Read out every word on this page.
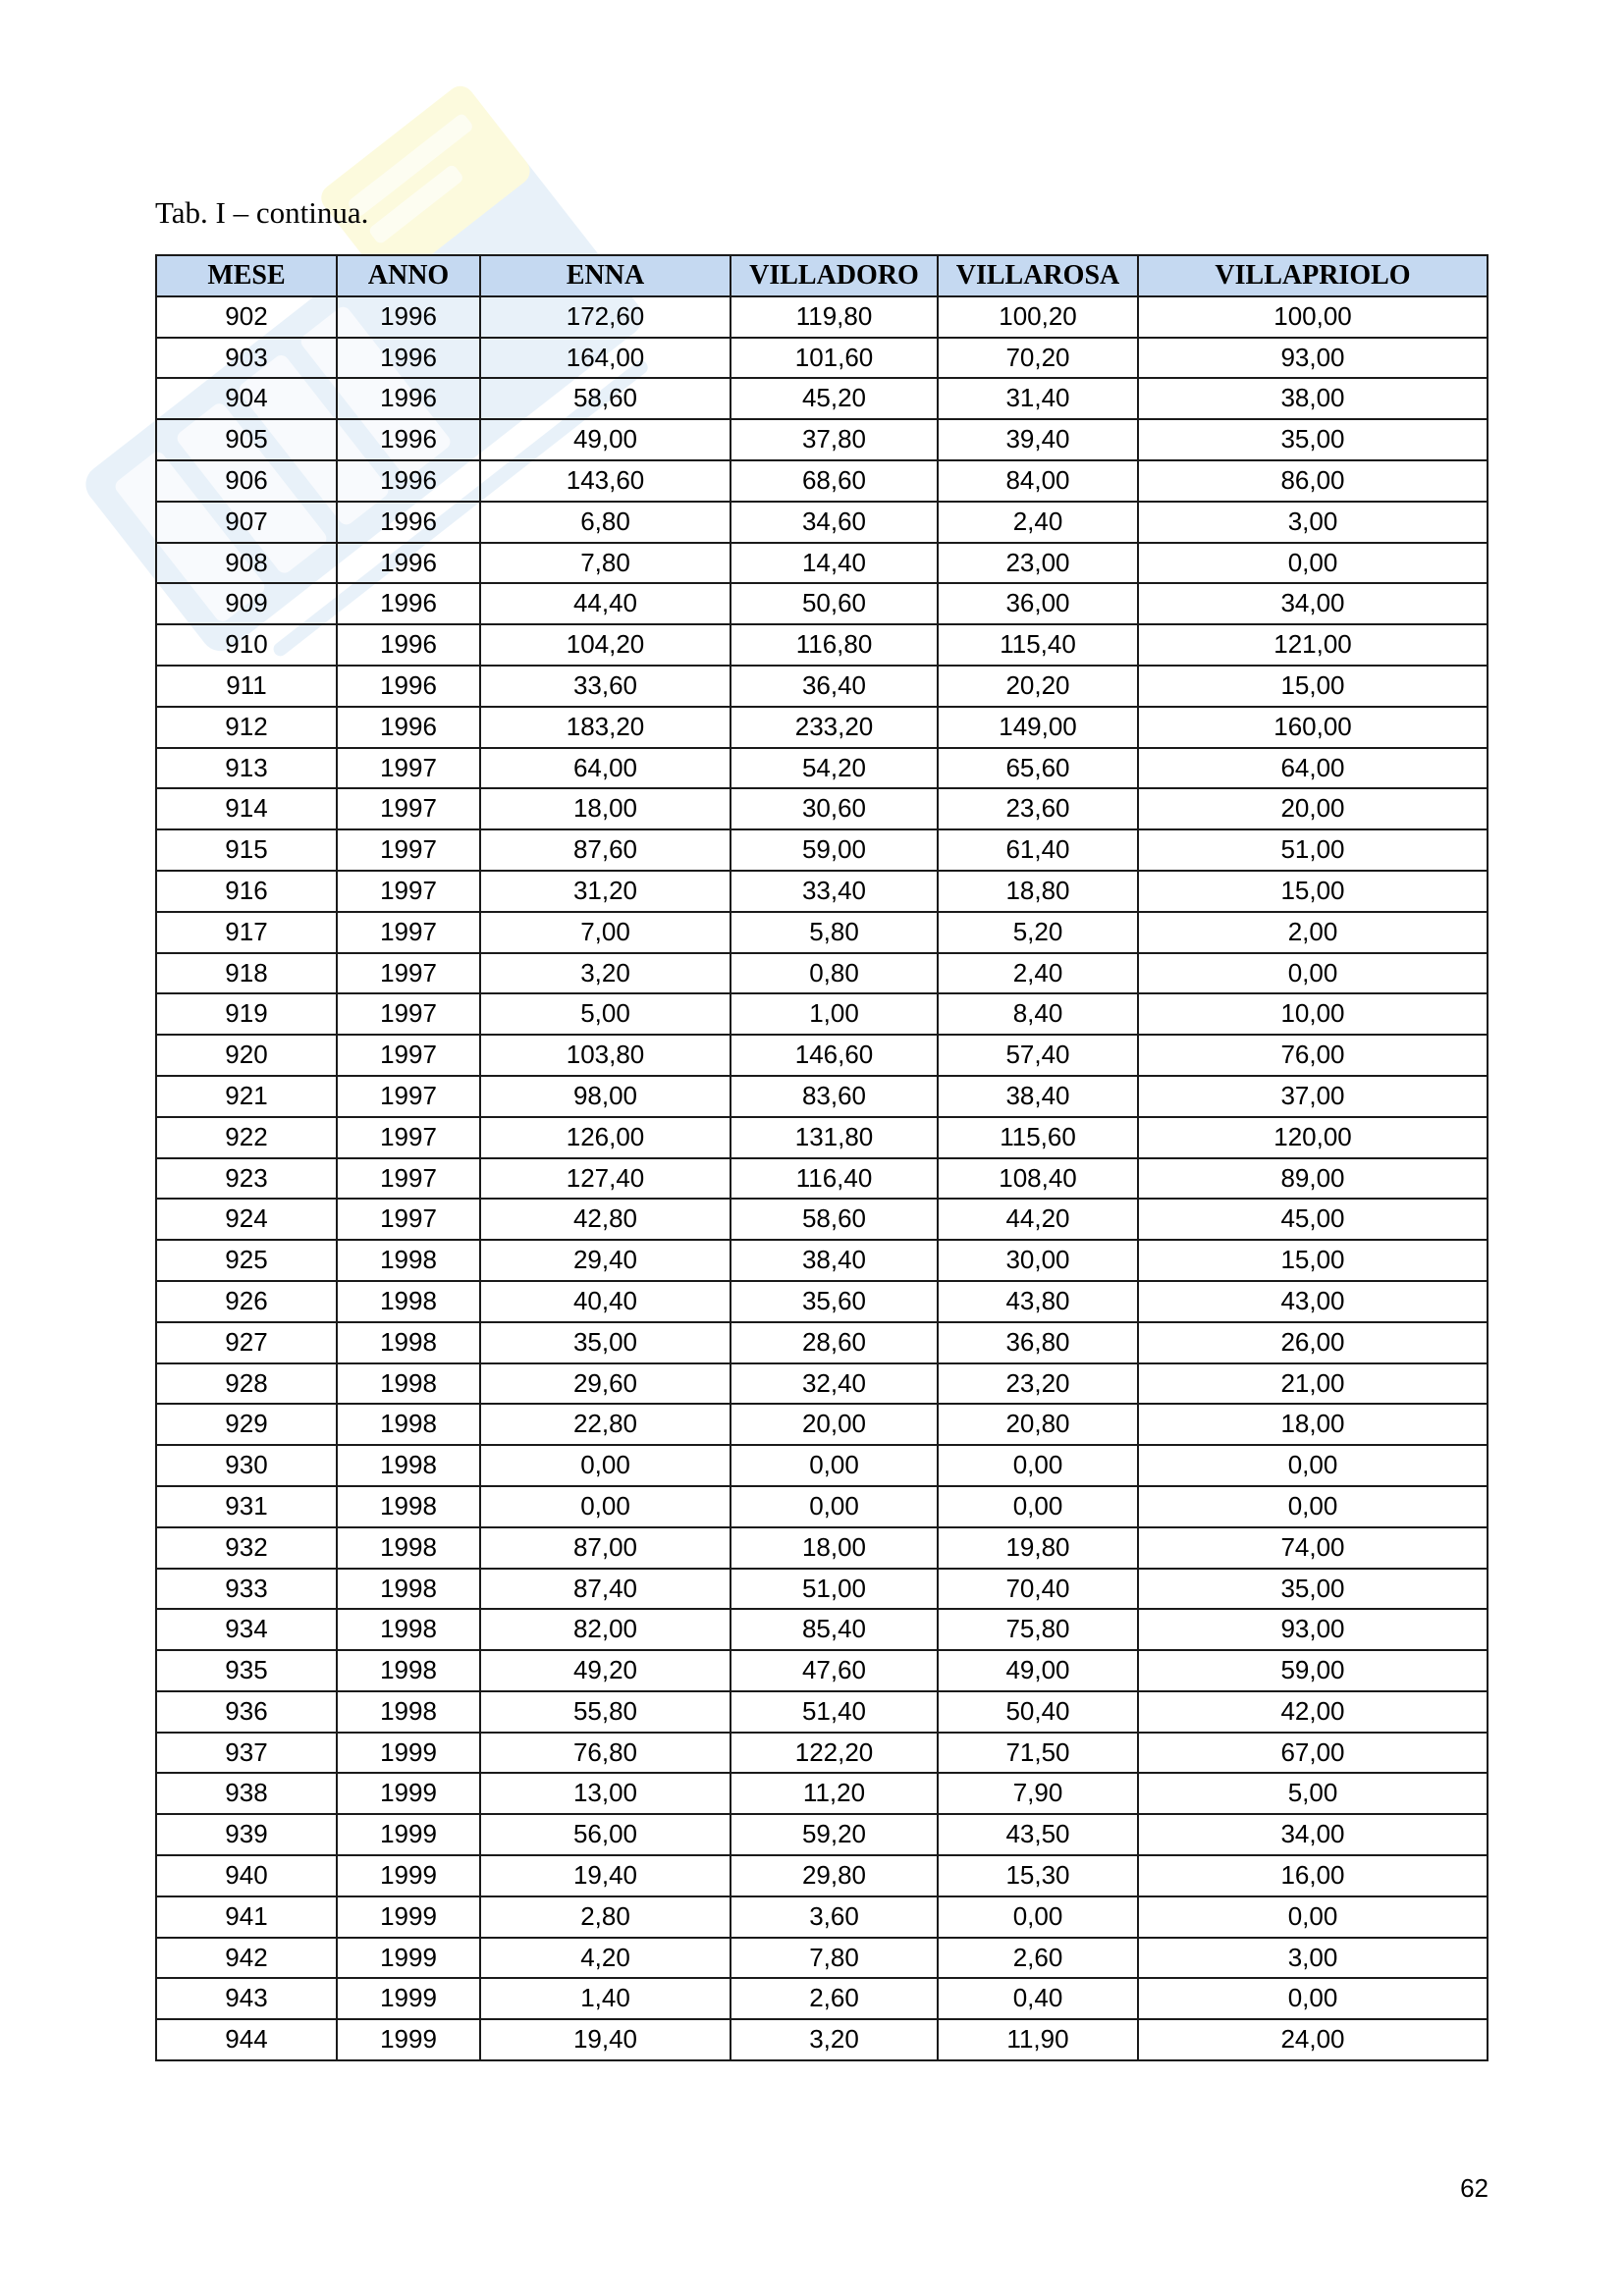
Tab. I – continua.

MESE	ANNO	ENNA	VILLADORO	VILLAROSA	VILLAPRIOLO
902	1996	172,60	119,80	100,20	100,00
903	1996	164,00	101,60	70,20	93,00
904	1996	58,60	45,20	31,40	38,00
905	1996	49,00	37,80	39,40	35,00
906	1996	143,60	68,60	84,00	86,00
907	1996	6,80	34,60	2,40	3,00
908	1996	7,80	14,40	23,00	0,00
909	1996	44,40	50,60	36,00	34,00
910	1996	104,20	116,80	115,40	121,00
911	1996	33,60	36,40	20,20	15,00
912	1996	183,20	233,20	149,00	160,00
913	1997	64,00	54,20	65,60	64,00
914	1997	18,00	30,60	23,60	20,00
915	1997	87,60	59,00	61,40	51,00
916	1997	31,20	33,40	18,80	15,00
917	1997	7,00	5,80	5,20	2,00
918	1997	3,20	0,80	2,40	0,00
919	1997	5,00	1,00	8,40	10,00
920	1997	103,80	146,60	57,40	76,00
921	1997	98,00	83,60	38,40	37,00
922	1997	126,00	131,80	115,60	120,00
923	1997	127,40	116,40	108,40	89,00
924	1997	42,80	58,60	44,20	45,00
925	1998	29,40	38,40	30,00	15,00
926	1998	40,40	35,60	43,80	43,00
927	1998	35,00	28,60	36,80	26,00
928	1998	29,60	32,40	23,20	21,00
929	1998	22,80	20,00	20,80	18,00
930	1998	0,00	0,00	0,00	0,00
931	1998	0,00	0,00	0,00	0,00
932	1998	87,00	18,00	19,80	74,00
933	1998	87,40	51,00	70,40	35,00
934	1998	82,00	85,40	75,80	93,00
935	1998	49,20	47,60	49,00	59,00
936	1998	55,80	51,40	50,40	42,00
937	1999	76,80	122,20	71,50	67,00
938	1999	13,00	11,20	7,90	5,00
939	1999	56,00	59,20	43,50	34,00
940	1999	19,40	29,80	15,30	16,00
941	1999	2,80	3,60	0,00	0,00
942	1999	4,20	7,80	2,60	3,00
943	1999	1,40	2,60	0,40	0,00
944	1999	19,40	3,20	11,90	24,00
62
